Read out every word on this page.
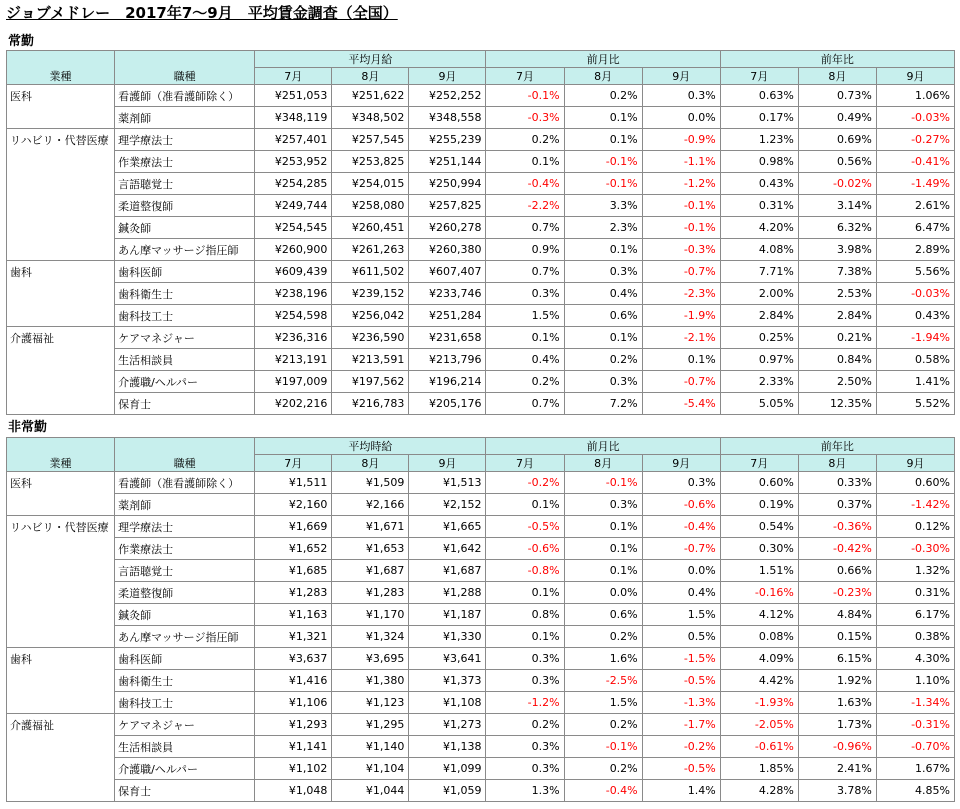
ジョブメドレー　2017年7〜9月　平均賃金調査（全国）
常勤
業種	職種	平均月給			前月比			前年比		
		7月	8月	9月	7月	8月	9月	7月	8月	9月
医科	看護師（准看護師除く）	¥251,053	¥251,622	¥252,252	-0.1%	0.2%	0.3%	0.63%	0.73%	1.06%
	薬剤師	¥348,119	¥348,502	¥348,558	-0.3%	0.1%	0.0%	0.17%	0.49%	-0.03%
リハビリ・代替医療	理学療法士	¥257,401	¥257,545	¥255,239	0.2%	0.1%	-0.9%	1.23%	0.69%	-0.27%
	作業療法士	¥253,952	¥253,825	¥251,144	0.1%	-0.1%	-1.1%	0.98%	0.56%	-0.41%
	言語聴覚士	¥254,285	¥254,015	¥250,994	-0.4%	-0.1%	-1.2%	0.43%	-0.02%	-1.49%
	柔道整復師	¥249,744	¥258,080	¥257,825	-2.2%	3.3%	-0.1%	0.31%	3.14%	2.61%
	鍼灸師	¥254,545	¥260,451	¥260,278	0.7%	2.3%	-0.1%	4.20%	6.32%	6.47%
	あん摩マッサージ指圧師	¥260,900	¥261,263	¥260,380	0.9%	0.1%	-0.3%	4.08%	3.98%	2.89%
歯科	歯科医師	¥609,439	¥611,502	¥607,407	0.7%	0.3%	-0.7%	7.71%	7.38%	5.56%
	歯科衛生士	¥238,196	¥239,152	¥233,746	0.3%	0.4%	-2.3%	2.00%	2.53%	-0.03%
	歯科技工士	¥254,598	¥256,042	¥251,284	1.5%	0.6%	-1.9%	2.84%	2.84%	0.43%
介護福祉	ケアマネジャー	¥236,316	¥236,590	¥231,658	0.1%	0.1%	-2.1%	0.25%	0.21%	-1.94%
	生活相談員	¥213,191	¥213,591	¥213,796	0.4%	0.2%	0.1%	0.97%	0.84%	0.58%
	介護職/ヘルパー	¥197,009	¥197,562	¥196,214	0.2%	0.3%	-0.7%	2.33%	2.50%	1.41%
	保育士	¥202,216	¥216,783	¥205,176	0.7%	7.2%	-5.4%	5.05%	12.35%	5.52%
非常勤
業種	職種	平均時給			前月比			前年比		
		7月	8月	9月	7月	8月	9月	7月	8月	9月
医科	看護師（准看護師除く）	¥1,511	¥1,509	¥1,513	-0.2%	-0.1%	0.3%	0.60%	0.33%	0.60%
	薬剤師	¥2,160	¥2,166	¥2,152	0.1%	0.3%	-0.6%	0.19%	0.37%	-1.42%
リハビリ・代替医療	理学療法士	¥1,669	¥1,671	¥1,665	-0.5%	0.1%	-0.4%	0.54%	-0.36%	0.12%
	作業療法士	¥1,652	¥1,653	¥1,642	-0.6%	0.1%	-0.7%	0.30%	-0.42%	-0.30%
	言語聴覚士	¥1,685	¥1,687	¥1,687	-0.8%	0.1%	0.0%	1.51%	0.66%	1.32%
	柔道整復師	¥1,283	¥1,283	¥1,288	0.1%	0.0%	0.4%	-0.16%	-0.23%	0.31%
	鍼灸師	¥1,163	¥1,170	¥1,187	0.8%	0.6%	1.5%	4.12%	4.84%	6.17%
	あん摩マッサージ指圧師	¥1,321	¥1,324	¥1,330	0.1%	0.2%	0.5%	0.08%	0.15%	0.38%
歯科	歯科医師	¥3,637	¥3,695	¥3,641	0.3%	1.6%	-1.5%	4.09%	6.15%	4.30%
	歯科衛生士	¥1,416	¥1,380	¥1,373	0.3%	-2.5%	-0.5%	4.42%	1.92%	1.10%
	歯科技工士	¥1,106	¥1,123	¥1,108	-1.2%	1.5%	-1.3%	-1.93%	1.63%	-1.34%
介護福祉	ケアマネジャー	¥1,293	¥1,295	¥1,273	0.2%	0.2%	-1.7%	-2.05%	1.73%	-0.31%
	生活相談員	¥1,141	¥1,140	¥1,138	0.3%	-0.1%	-0.2%	-0.61%	-0.96%	-0.70%
	介護職/ヘルパー	¥1,102	¥1,104	¥1,099	0.3%	0.2%	-0.5%	1.85%	2.41%	1.67%
	保育士	¥1,048	¥1,044	¥1,059	1.3%	-0.4%	1.4%	4.28%	3.78%	4.85%
